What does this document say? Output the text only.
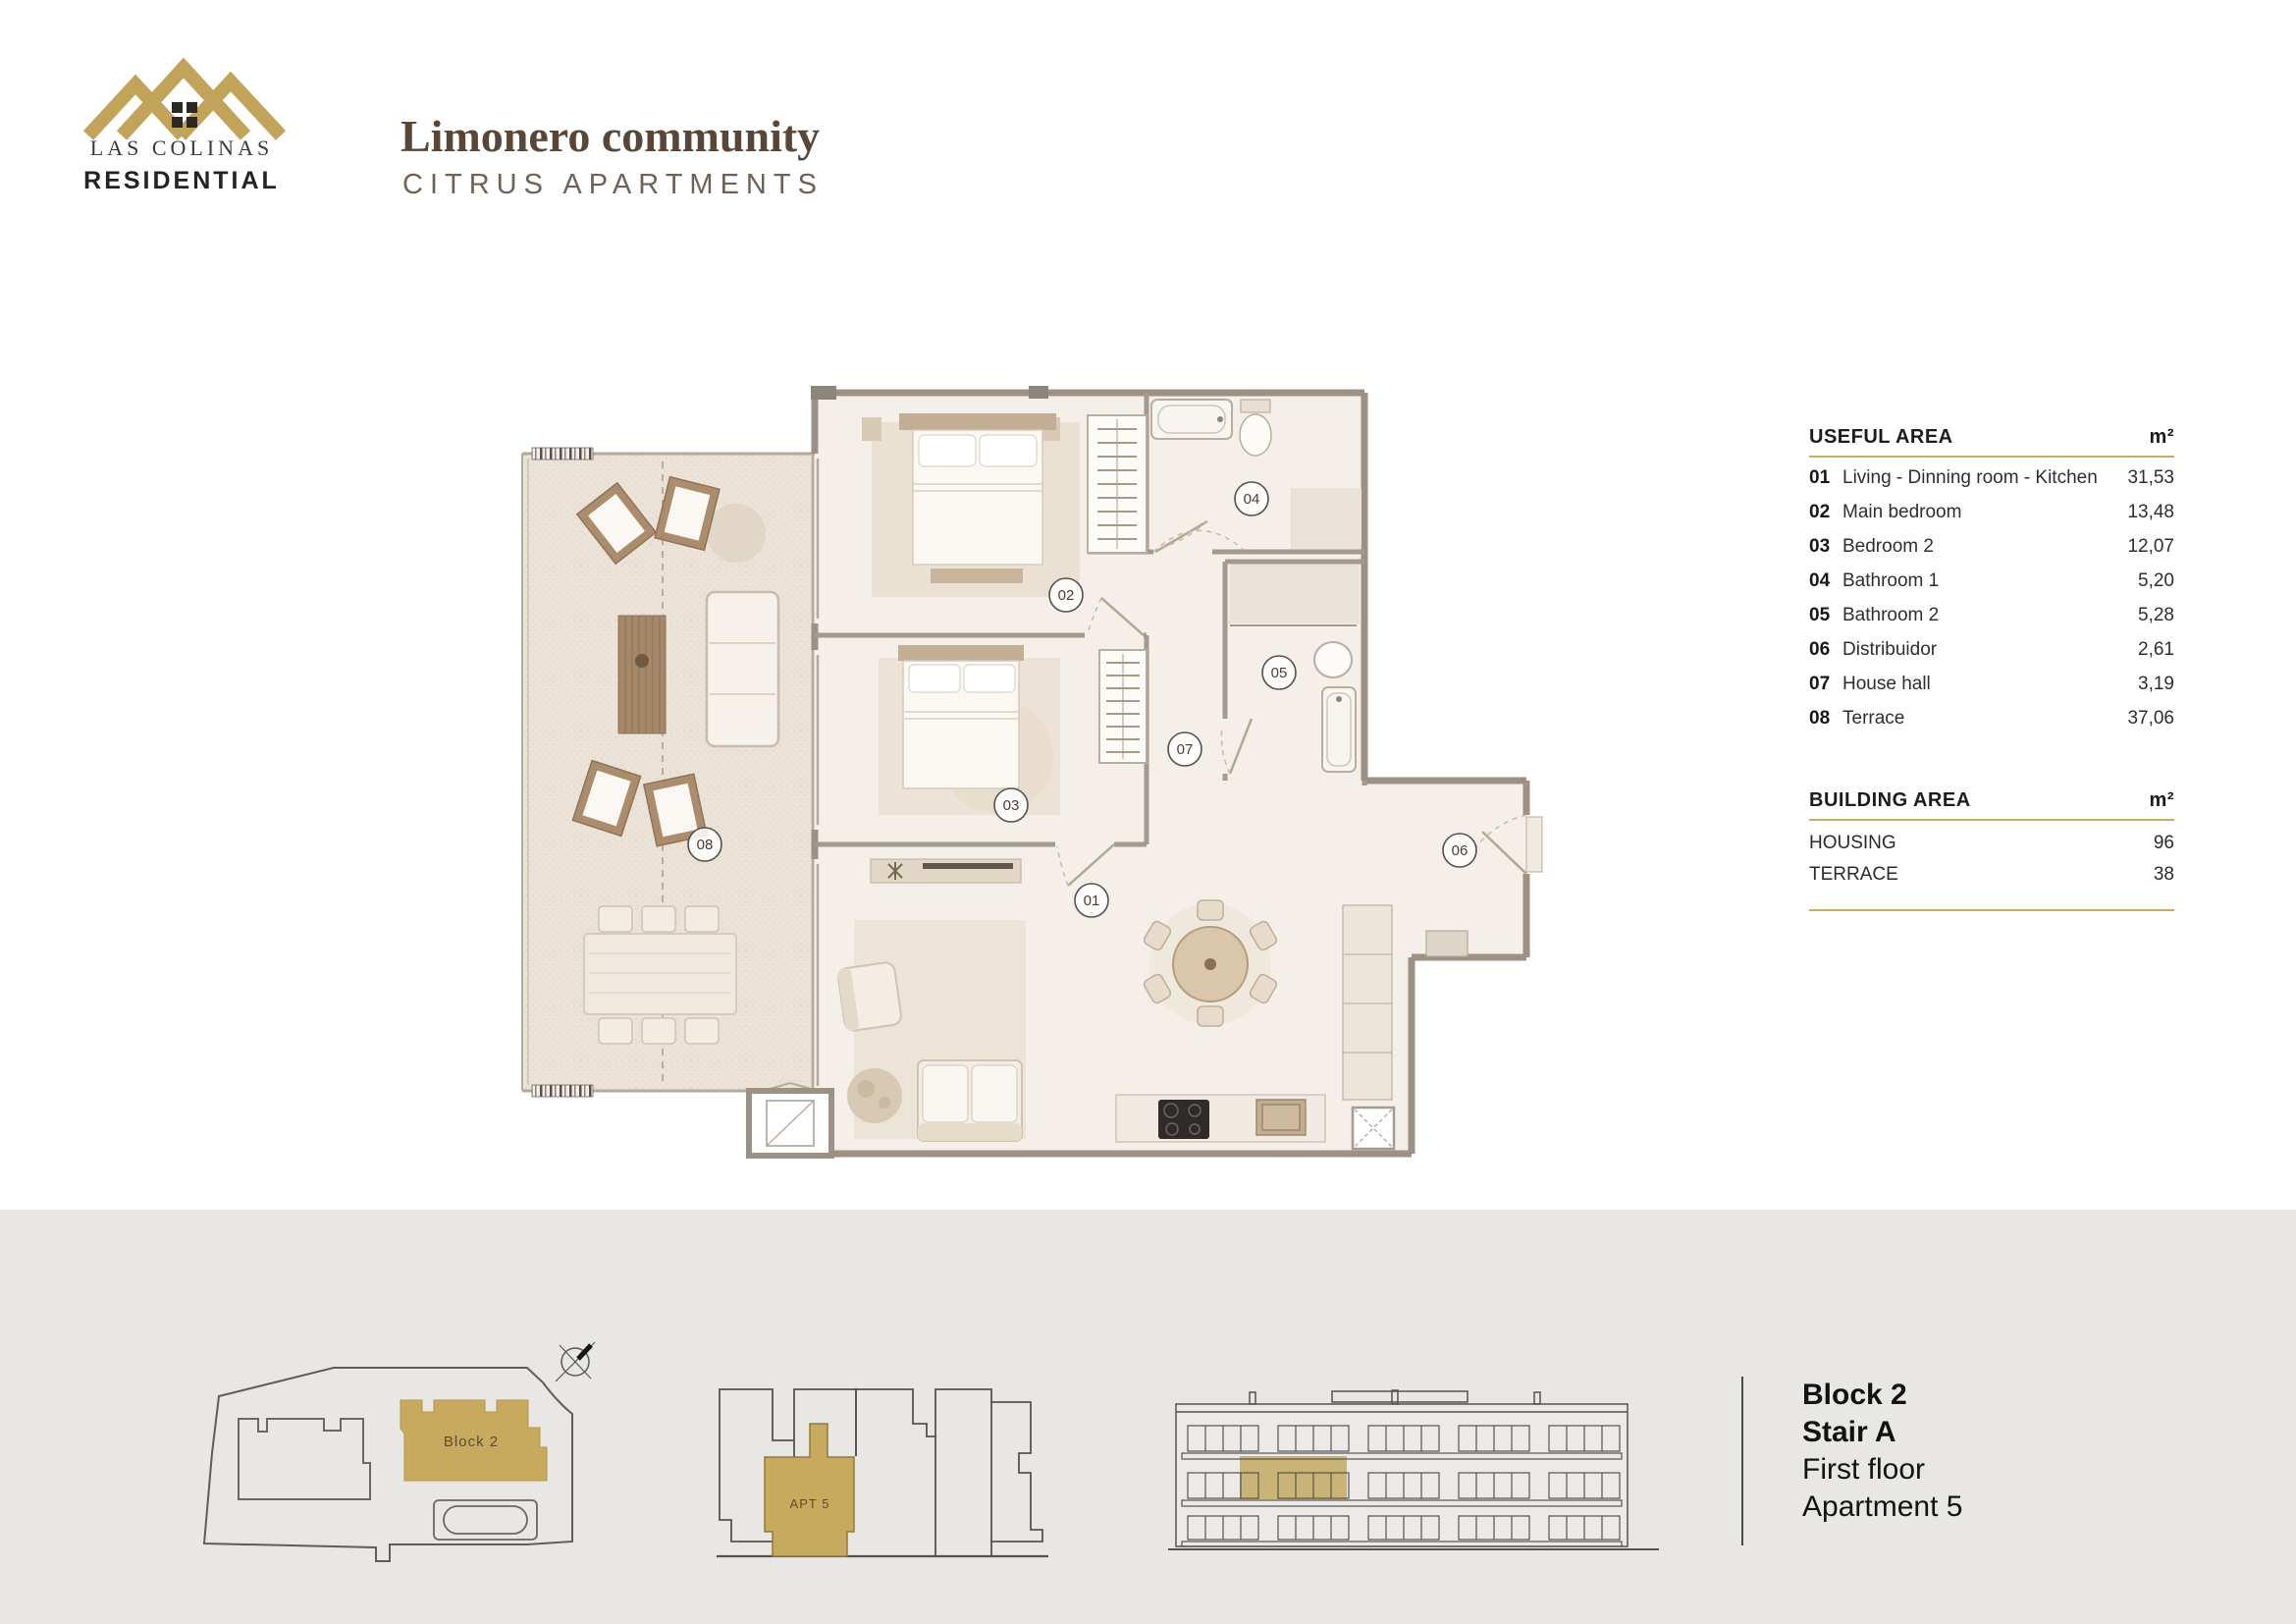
LAS COLINAS
RESIDENTIAL
Limonero community
CITRUS APARTMENTS
01
02
03
04
05
06
07
08
USEFUL AREA	m²
01 Living - Dinning room - Kitchen	31,53
02 Main bedroom	13,48
03 Bedroom 2	12,07
04 Bathroom 1	5,20
05 Bathroom 2	5,28
06 Distribuidor	2,61
07 House hall	3,19
08 Terrace	37,06
BUILDING AREA	m²
HOUSING	96
TERRACE	38
Block 2
APT 5
Block 2
Stair A
First floor
Apartment 5
